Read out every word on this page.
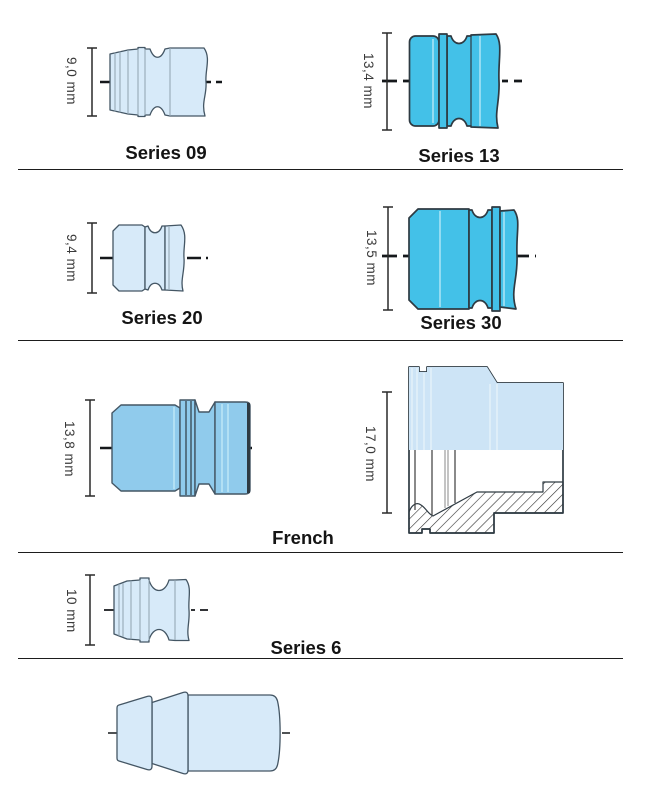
9,0 mm
Series 09
13,4 mm
Series 13
9,4 mm
Series 20
13,5 mm
Series 30
13,8 mm
French
17,0 mm
10 mm
Series 6
